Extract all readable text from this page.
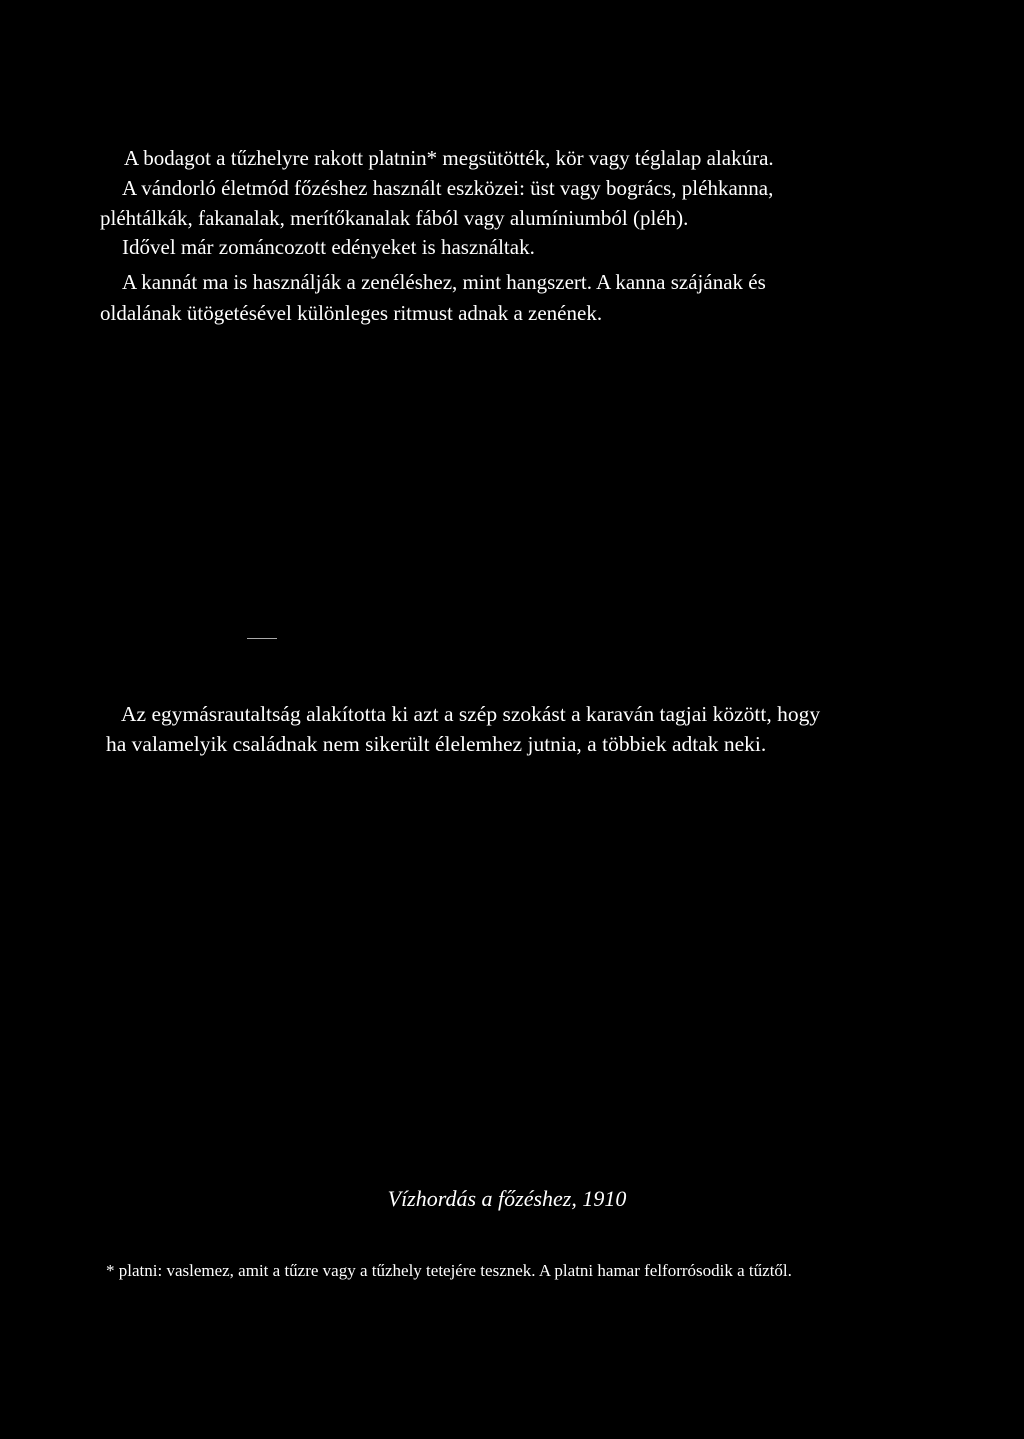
A bodagot a tűzhelyre rakott platnin* megsütötték, kör vagy téglalap alakúra.

A vándorló életmód főzéshez használt eszközei: üst vagy bogrács, pléhkanna,

pléhtálkák, fakanalak, merítőkanalak fából vagy alumíniumból (pléh).

Idővel már zománcozott edényeket is használtak.

A kannát ma is használják a zenéléshez, mint hangszert. A kanna szájának és

oldalának ütögetésével különleges ritmust adnak a zenének.

Az egymásrautaltság alakította ki azt a szép szokást a karaván tagjai között, hogy

ha valamelyik családnak nem sikerült élelemhez jutnia, a többiek adtak neki.

Vízhordás a főzéshez, 1910

* platni: vaslemez, amit a tűzre vagy a tűzhely tetejére tesznek. A platni hamar felforrósodik a tűztől.
